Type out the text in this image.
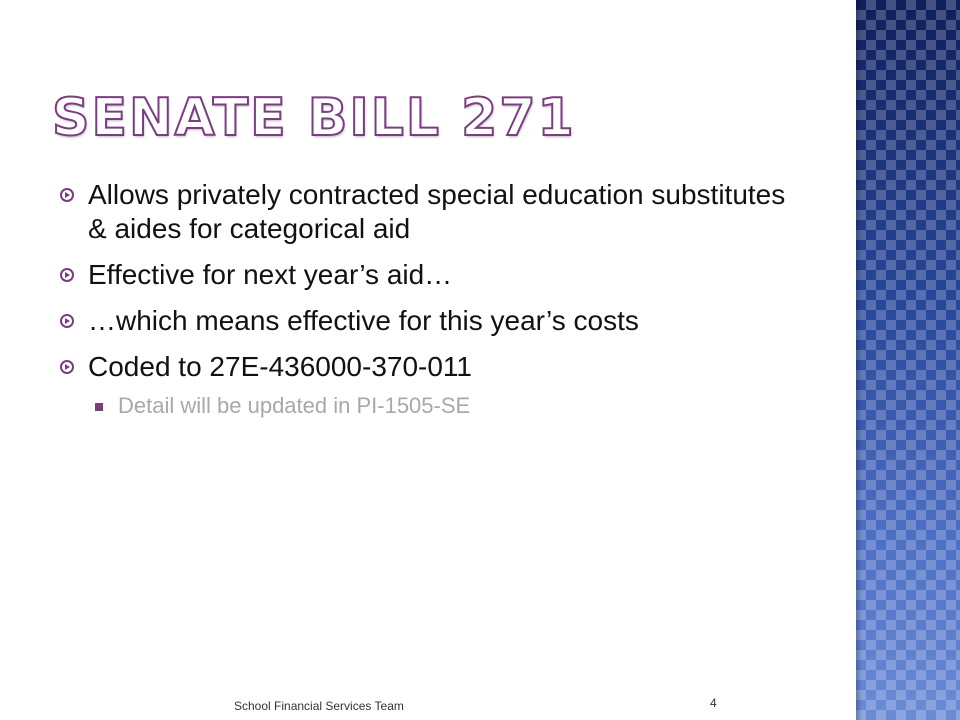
SENATE BILL 271
Allows privately contracted special education substitutes & aides for categorical aid
Effective for next year’s aid…
…which means effective for this year’s costs
Coded to 27E-436000-370-011
Detail will be updated in PI-1505-SE
School Financial Services Team	4
